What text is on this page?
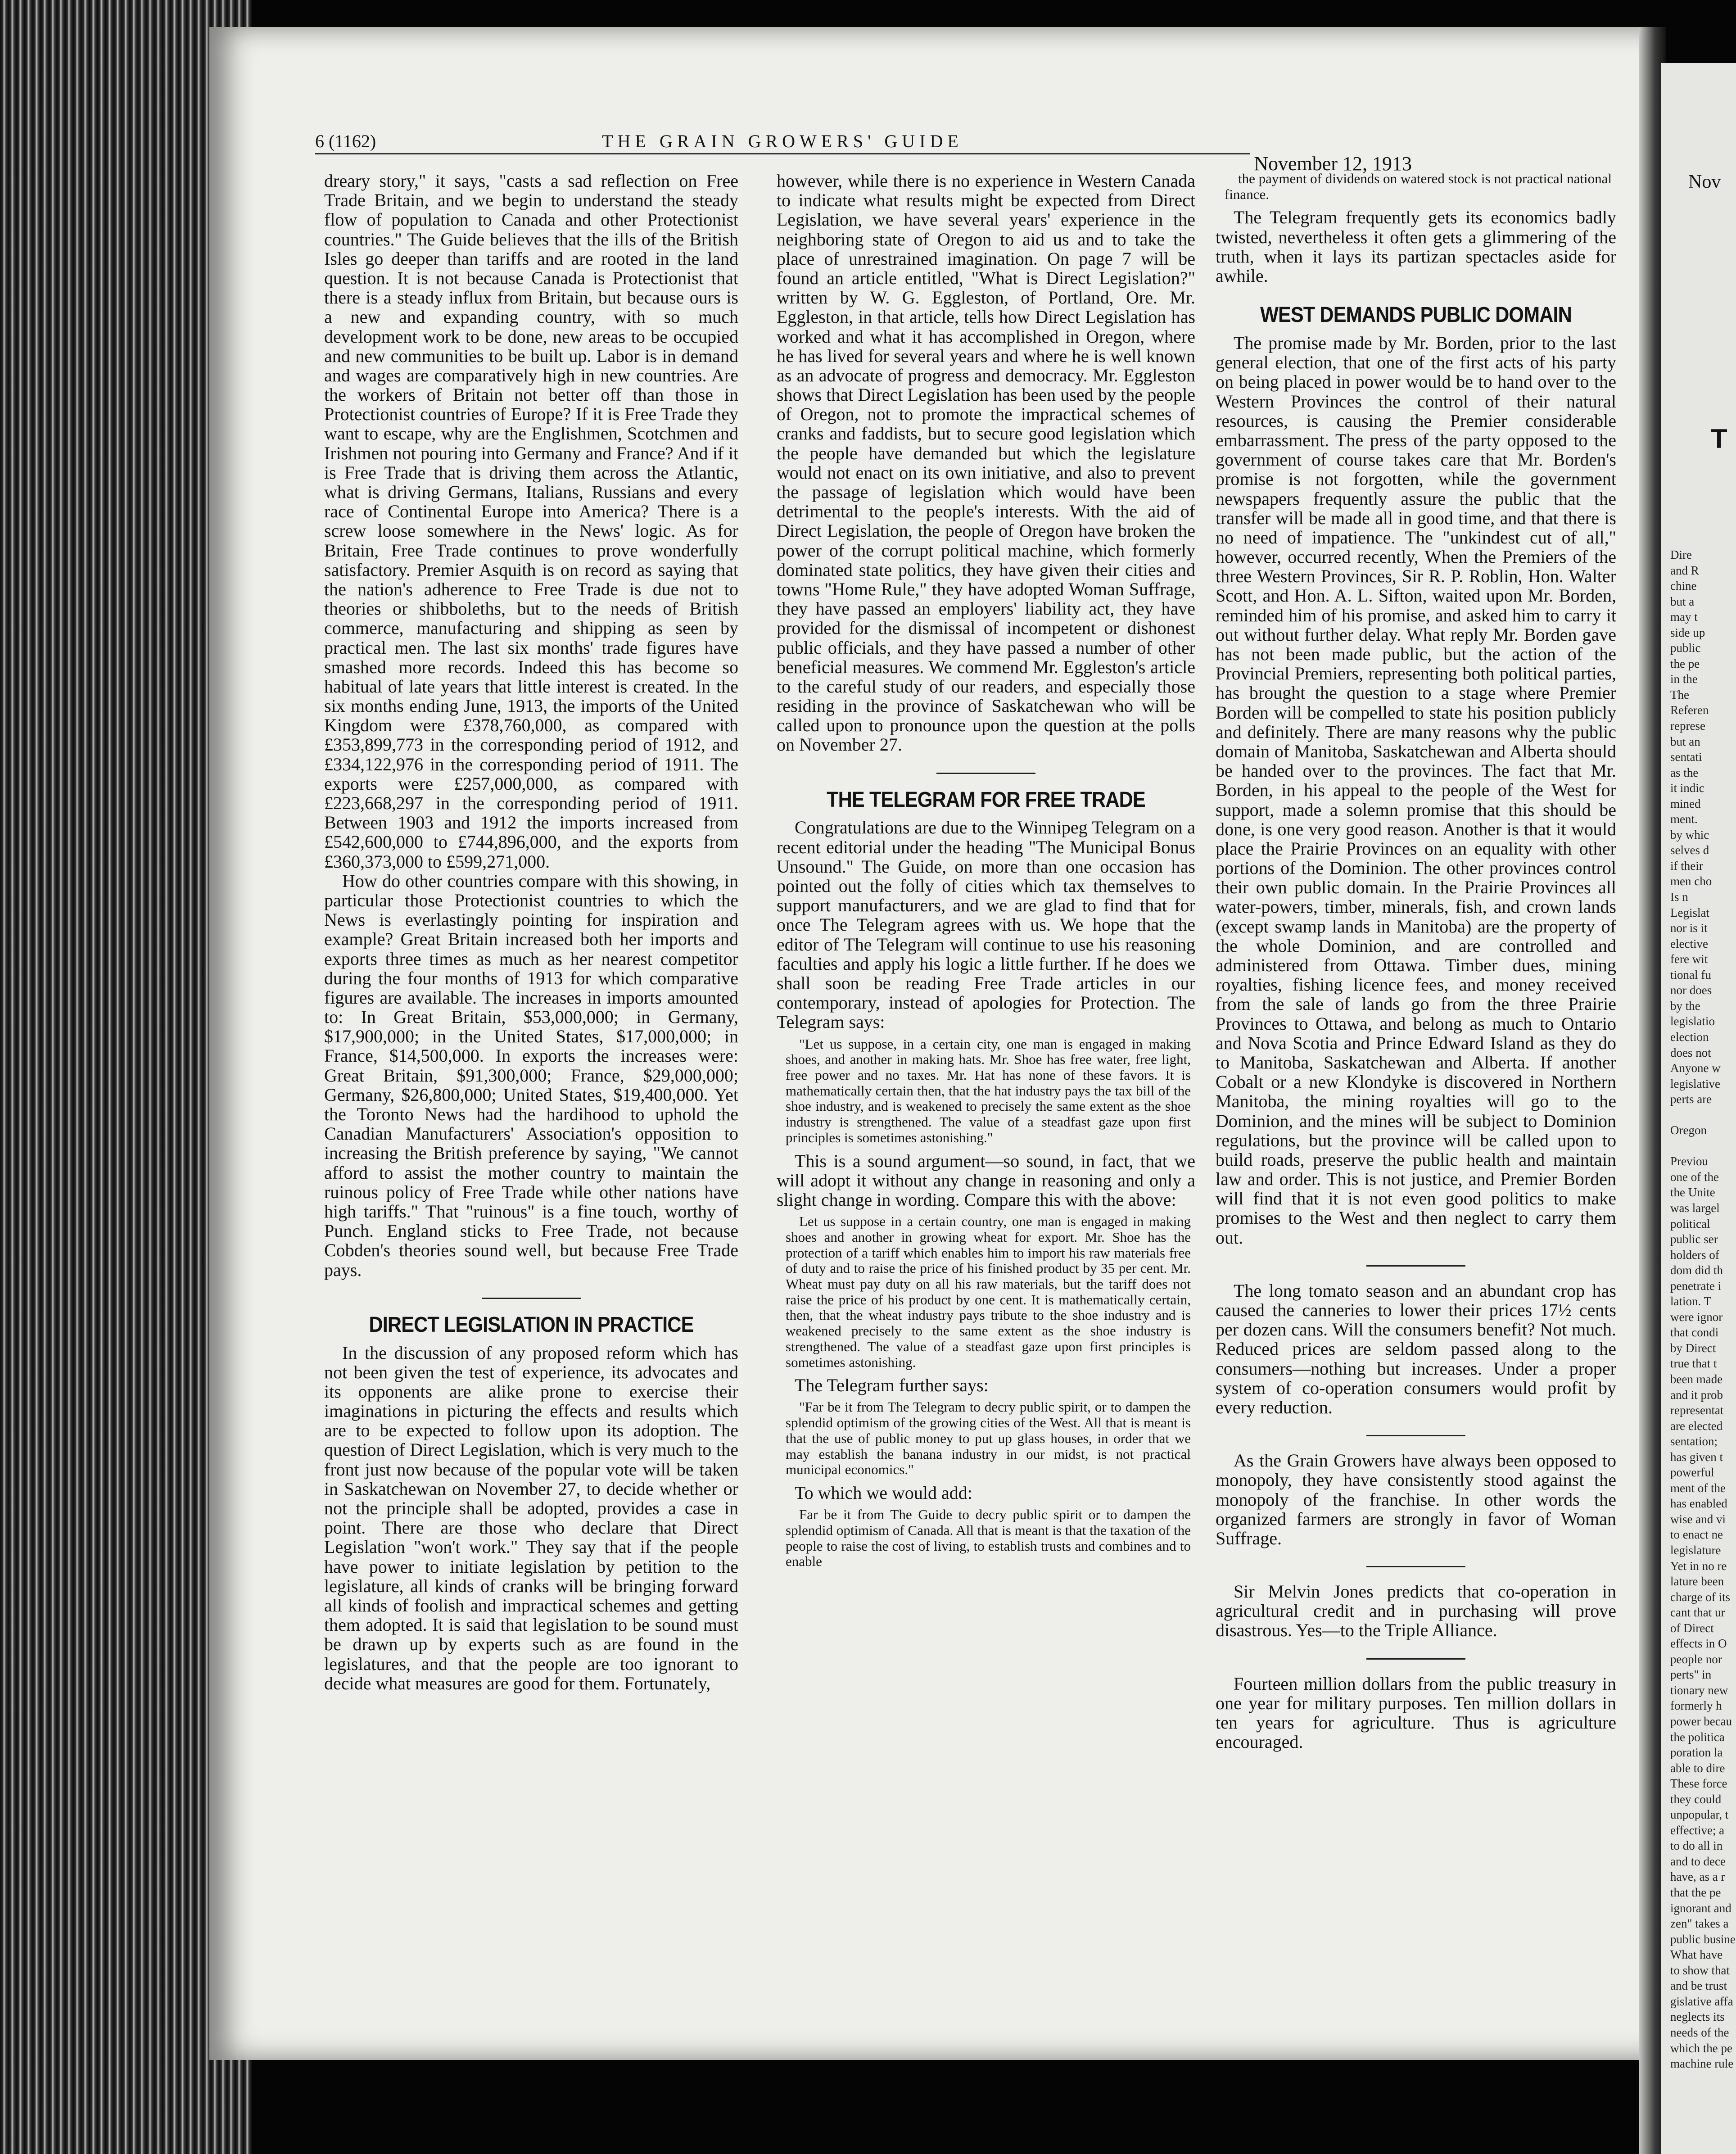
Nov
T
Dire
and R
chine
but a
may t
side up
public
the pe
in the
The
Referen
represe
but an
sentati
as the
it indic
mined
ment.
by whic
selves d
if their
men cho
Is n
Legislat
nor is it
elective
fere wit
tional fu
nor does
by the
legislatio
election
does not
Anyone w
legislative
perts are

Oregon

Previou
one of the
the Unite
was largel
political
public ser
holders of
dom did th
penetrate i
lation. T
were ignor
that condi
by Direct
true that t
been made
and it prob
representat
are elected
sentation;
has given t
powerful
ment of the
has enabled
wise and vi
to enact ne
legislature
Yet in no re
lature been
charge of its
cant that ur
of Direct
effects in O
people nor
perts" in
tionary new
formerly h
power becau
the politica
poration la
able to dire
These force
they could
unpopular, t
effective; a
to do all in
and to dece
have, as a r
that the pe
ignorant and
zen" takes a
public busine
What have
to show that
and be trust
gislative affa
neglects its
needs of the
which the pe
machine rule
6 (1162)	THE GRAIN GROWERS' GUIDE
November 12, 1913

dreary story," it says, "casts a sad reflection on Free Trade Britain, and we begin to understand the steady flow of population to Canada and other Protectionist countries." The Guide believes that the ills of the British Isles go deeper than tariffs and are rooted in the land question. It is not because Canada is Protectionist that there is a steady influx from Britain, but because ours is a new and expanding country, with so much development work to be done, new areas to be occupied and new communities to be built up. Labor is in demand and wages are comparatively high in new countries. Are the workers of Britain not better off than those in Protectionist countries of Europe? If it is Free Trade they want to escape, why are the Englishmen, Scotchmen and Irishmen not pouring into Germany and France? And if it is Free Trade that is driving them across the Atlantic, what is driving Germans, Italians, Russians and every race of Continental Europe into America? There is a screw loose somewhere in the News' logic. As for Britain, Free Trade continues to prove wonderfully satisfactory. Premier Asquith is on record as saying that the nation's adherence to Free Trade is due not to theories or shibboleths, but to the needs of British commerce, manufacturing and shipping as seen by practical men. The last six months' trade figures have smashed more records. Indeed this has become so habitual of late years that little interest is created. In the six months ending June, 1913, the imports of the United Kingdom were £378,760,000, as compared with £353,899,773 in the corresponding period of 1912, and £334,122,976 in the corresponding period of 1911. The exports were £257,000,000, as compared with £223,668,297 in the corresponding period of 1911. Between 1903 and 1912 the imports increased from £542,600,000 to £744,896,000, and the exports from £360,373,000 to £599,271,000.

How do other countries compare with this showing, in particular those Protectionist countries to which the News is everlastingly pointing for inspiration and example? Great Britain increased both her imports and exports three times as much as her nearest competitor during the four months of 1913 for which comparative figures are available. The increases in imports amounted to: In Great Britain, $53,000,000; in Germany, $17,900,000; in the United States, $17,000,000; in France, $14,500,000. In exports the increases were: Great Britain, $91,300,000; France, $29,000,000; Germany, $26,800,000; United States, $19,400,000. Yet the Toronto News had the hardihood to uphold the Canadian Manufacturers' Association's opposition to increasing the British preference by saying, "We cannot afford to assist the mother country to maintain the ruinous policy of Free Trade while other nations have high tariffs." That "ruinous" is a fine touch, worthy of Punch. England sticks to Free Trade, not because Cobden's theories sound well, but because Free Trade pays.

DIRECT LEGISLATION IN PRACTICE

In the discussion of any proposed reform which has not been given the test of experience, its advocates and its opponents are alike prone to exercise their imaginations in picturing the effects and results which are to be expected to follow upon its adoption. The question of Direct Legislation, which is very much to the front just now because of the popular vote will be taken in Saskatchewan on November 27, to decide whether or not the principle shall be adopted, provides a case in point. There are those who declare that Direct Legislation "won't work." They say that if the people have power to initiate legislation by petition to the legislature, all kinds of cranks will be bringing forward all kinds of foolish and impractical schemes and getting them adopted. It is said that legislation to be sound must be drawn up by experts such as are found in the legislatures, and that the people are too ignorant to decide what measures are good for them. Fortunately,

however, while there is no experience in Western Canada to indicate what results might be expected from Direct Legislation, we have several years' experience in the neighboring state of Oregon to aid us and to take the place of unrestrained imagination. On page 7 will be found an article entitled, "What is Direct Legislation?" written by W. G. Eggleston, of Portland, Ore. Mr. Eggleston, in that article, tells how Direct Legislation has worked and what it has accomplished in Oregon, where he has lived for several years and where he is well known as an advocate of progress and democracy. Mr. Eggleston shows that Direct Legislation has been used by the people of Oregon, not to promote the impractical schemes of cranks and faddists, but to secure good legislation which the people have demanded but which the legislature would not enact on its own initiative, and also to prevent the passage of legislation which would have been detrimental to the people's interests. With the aid of Direct Legislation, the people of Oregon have broken the power of the corrupt political machine, which formerly dominated state politics, they have given their cities and towns "Home Rule," they have adopted Woman Suffrage, they have passed an employers' liability act, they have provided for the dismissal of incompetent or dishonest public officials, and they have passed a number of other beneficial measures. We commend Mr. Eggleston's article to the careful study of our readers, and especially those residing in the province of Saskatchewan who will be called upon to pronounce upon the question at the polls on November 27.

THE TELEGRAM FOR FREE TRADE

Congratulations are due to the Winnipeg Telegram on a recent editorial under the heading "The Municipal Bonus Unsound." The Guide, on more than one occasion has pointed out the folly of cities which tax themselves to support manufacturers, and we are glad to find that for once The Telegram agrees with us. We hope that the editor of The Telegram will continue to use his reasoning faculties and apply his logic a little further. If he does we shall soon be reading Free Trade articles in our contemporary, instead of apologies for Protection. The Telegram says:

"Let us suppose, in a certain city, one man is engaged in making shoes, and another in making hats. Mr. Shoe has free water, free light, free power and no taxes. Mr. Hat has none of these favors. It is mathematically certain then, that the hat industry pays the tax bill of the shoe industry, and is weakened to precisely the same extent as the shoe industry is strengthened. The value of a steadfast gaze upon first principles is sometimes astonishing."

This is a sound argument—so sound, in fact, that we will adopt it without any change in reasoning and only a slight change in wording. Compare this with the above:

Let us suppose in a certain country, one man is engaged in making shoes and another in growing wheat for export. Mr. Shoe has the protection of a tariff which enables him to import his raw materials free of duty and to raise the price of his finished product by 35 per cent. Mr. Wheat must pay duty on all his raw materials, but the tariff does not raise the price of his product by one cent. It is mathematically certain, then, that the wheat industry pays tribute to the shoe industry and is weakened precisely to the same extent as the shoe industry is strengthened. The value of a steadfast gaze upon first principles is sometimes astonishing.

The Telegram further says:

"Far be it from The Telegram to decry public spirit, or to dampen the splendid optimism of the growing cities of the West. All that is meant is that the use of public money to put up glass houses, in order that we may establish the banana industry in our midst, is not practical municipal economics."

To which we would add:

Far be it from The Guide to decry public spirit or to dampen the splendid optimism of Canada. All that is meant is that the taxation of the people to raise the cost of living, to establish trusts and combines and to enable
the payment of dividends on watered stock is not practical national finance.

The Telegram frequently gets its economics badly twisted, nevertheless it often gets a glimmering of the truth, when it lays its partizan spectacles aside for awhile.

WEST DEMANDS PUBLIC DOMAIN

The promise made by Mr. Borden, prior to the last general election, that one of the first acts of his party on being placed in power would be to hand over to the Western Provinces the control of their natural resources, is causing the Premier considerable embarrassment. The press of the party opposed to the government of course takes care that Mr. Borden's promise is not forgotten, while the government newspapers frequently assure the public that the transfer will be made all in good time, and that there is no need of impatience. The "unkindest cut of all," however, occurred recently, When the Premiers of the three Western Provinces, Sir R. P. Roblin, Hon. Walter Scott, and Hon. A. L. Sifton, waited upon Mr. Borden, reminded him of his promise, and asked him to carry it out without further delay. What reply Mr. Borden gave has not been made public, but the action of the Provincial Premiers, representing both political parties, has brought the question to a stage where Premier Borden will be compelled to state his position publicly and definitely. There are many reasons why the public domain of Manitoba, Saskatchewan and Alberta should be handed over to the provinces. The fact that Mr. Borden, in his appeal to the people of the West for support, made a solemn promise that this should be done, is one very good reason. Another is that it would place the Prairie Provinces on an equality with other portions of the Dominion. The other provinces control their own public domain. In the Prairie Provinces all water-powers, timber, minerals, fish, and crown lands (except swamp lands in Manitoba) are the property of the whole Dominion, and are controlled and administered from Ottawa. Timber dues, mining royalties, fishing licence fees, and money received from the sale of lands go from the three Prairie Provinces to Ottawa, and belong as much to Ontario and Nova Scotia and Prince Edward Island as they do to Manitoba, Saskatchewan and Alberta. If another Cobalt or a new Klondyke is discovered in Northern Manitoba, the mining royalties will go to the Dominion, and the mines will be subject to Dominion regulations, but the province will be called upon to build roads, preserve the public health and maintain law and order. This is not justice, and Premier Borden will find that it is not even good politics to make promises to the West and then neglect to carry them out.

The long tomato season and an abundant crop has caused the canneries to lower their prices 17½ cents per dozen cans. Will the consumers benefit? Not much. Reduced prices are seldom passed along to the consumers—nothing but increases. Under a proper system of co-operation consumers would profit by every reduction.

As the Grain Growers have always been opposed to monopoly, they have consistently stood against the monopoly of the franchise. In other words the organized farmers are strongly in favor of Woman Suffrage.

Sir Melvin Jones predicts that co-operation in agricultural credit and in purchasing will prove disastrous. Yes—to the Triple Alliance.

Fourteen million dollars from the public treasury in one year for military purposes. Ten million dollars in ten years for agriculture. Thus is agriculture encouraged.
